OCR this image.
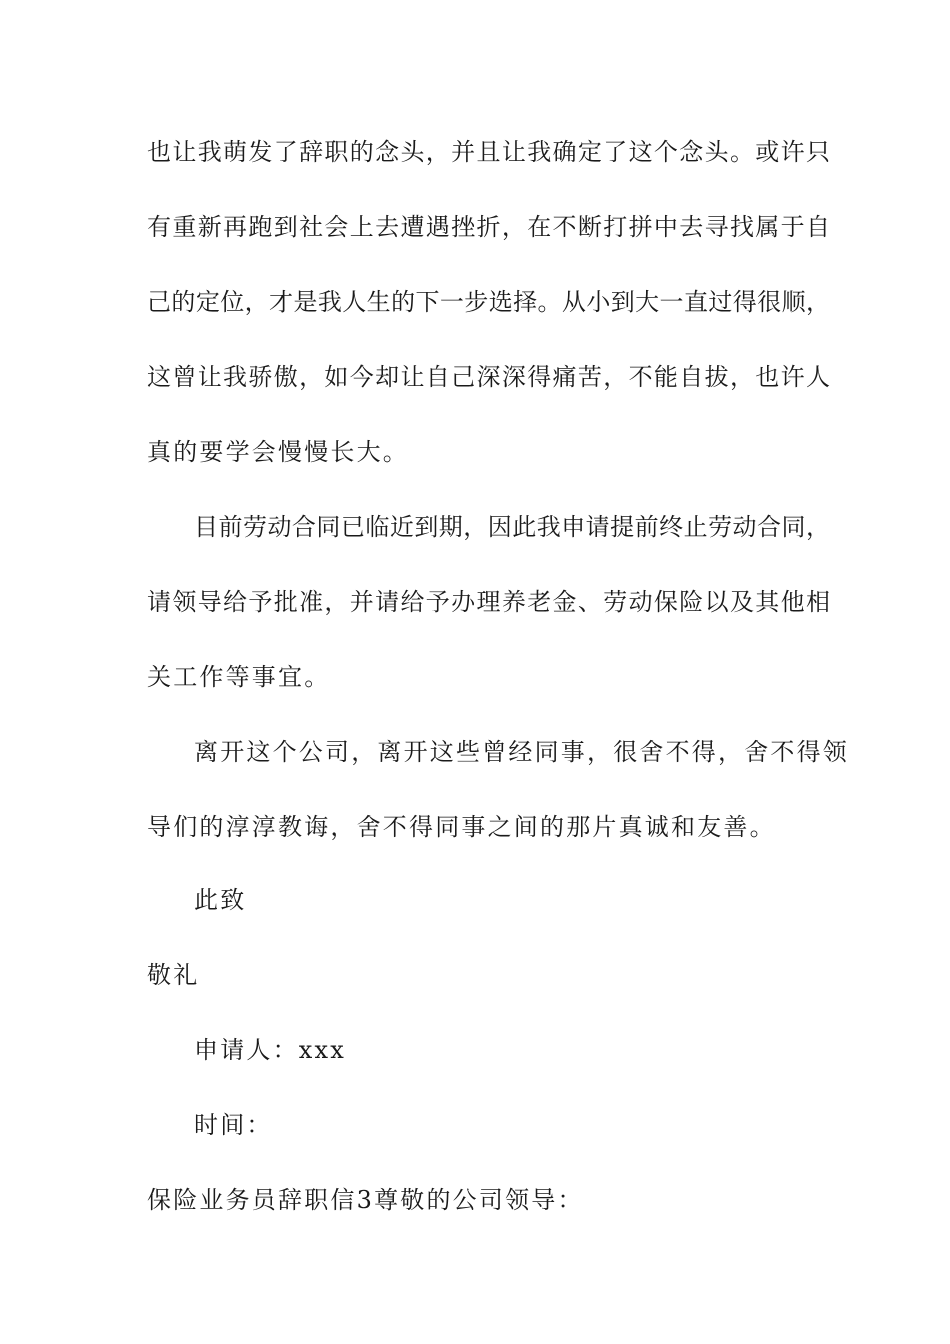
也让我萌发了辞职的念头，并且让我确定了这个念头。或许只
有重新再跑到社会上去遭遇挫折，在不断打拼中去寻找属于自
己的定位，才是我人生的下一步选择。从小到大一直过得很顺，
这曾让我骄傲，如今却让自己深深得痛苦，不能自拔，也许人
真的要学会慢慢长大。
目前劳动合同已临近到期，因此我申请提前终止劳动合同，
请领导给予批准，并请给予办理养老金、劳动保险以及其他相
关工作等事宜。
离开这个公司，离开这些曾经同事，很舍不得，舍不得领
导们的淳淳教诲，舍不得同事之间的那片真诚和友善。
此致
敬礼
申请人：xxx
时间：
保险业务员辞职信3尊敬的公司领导：
